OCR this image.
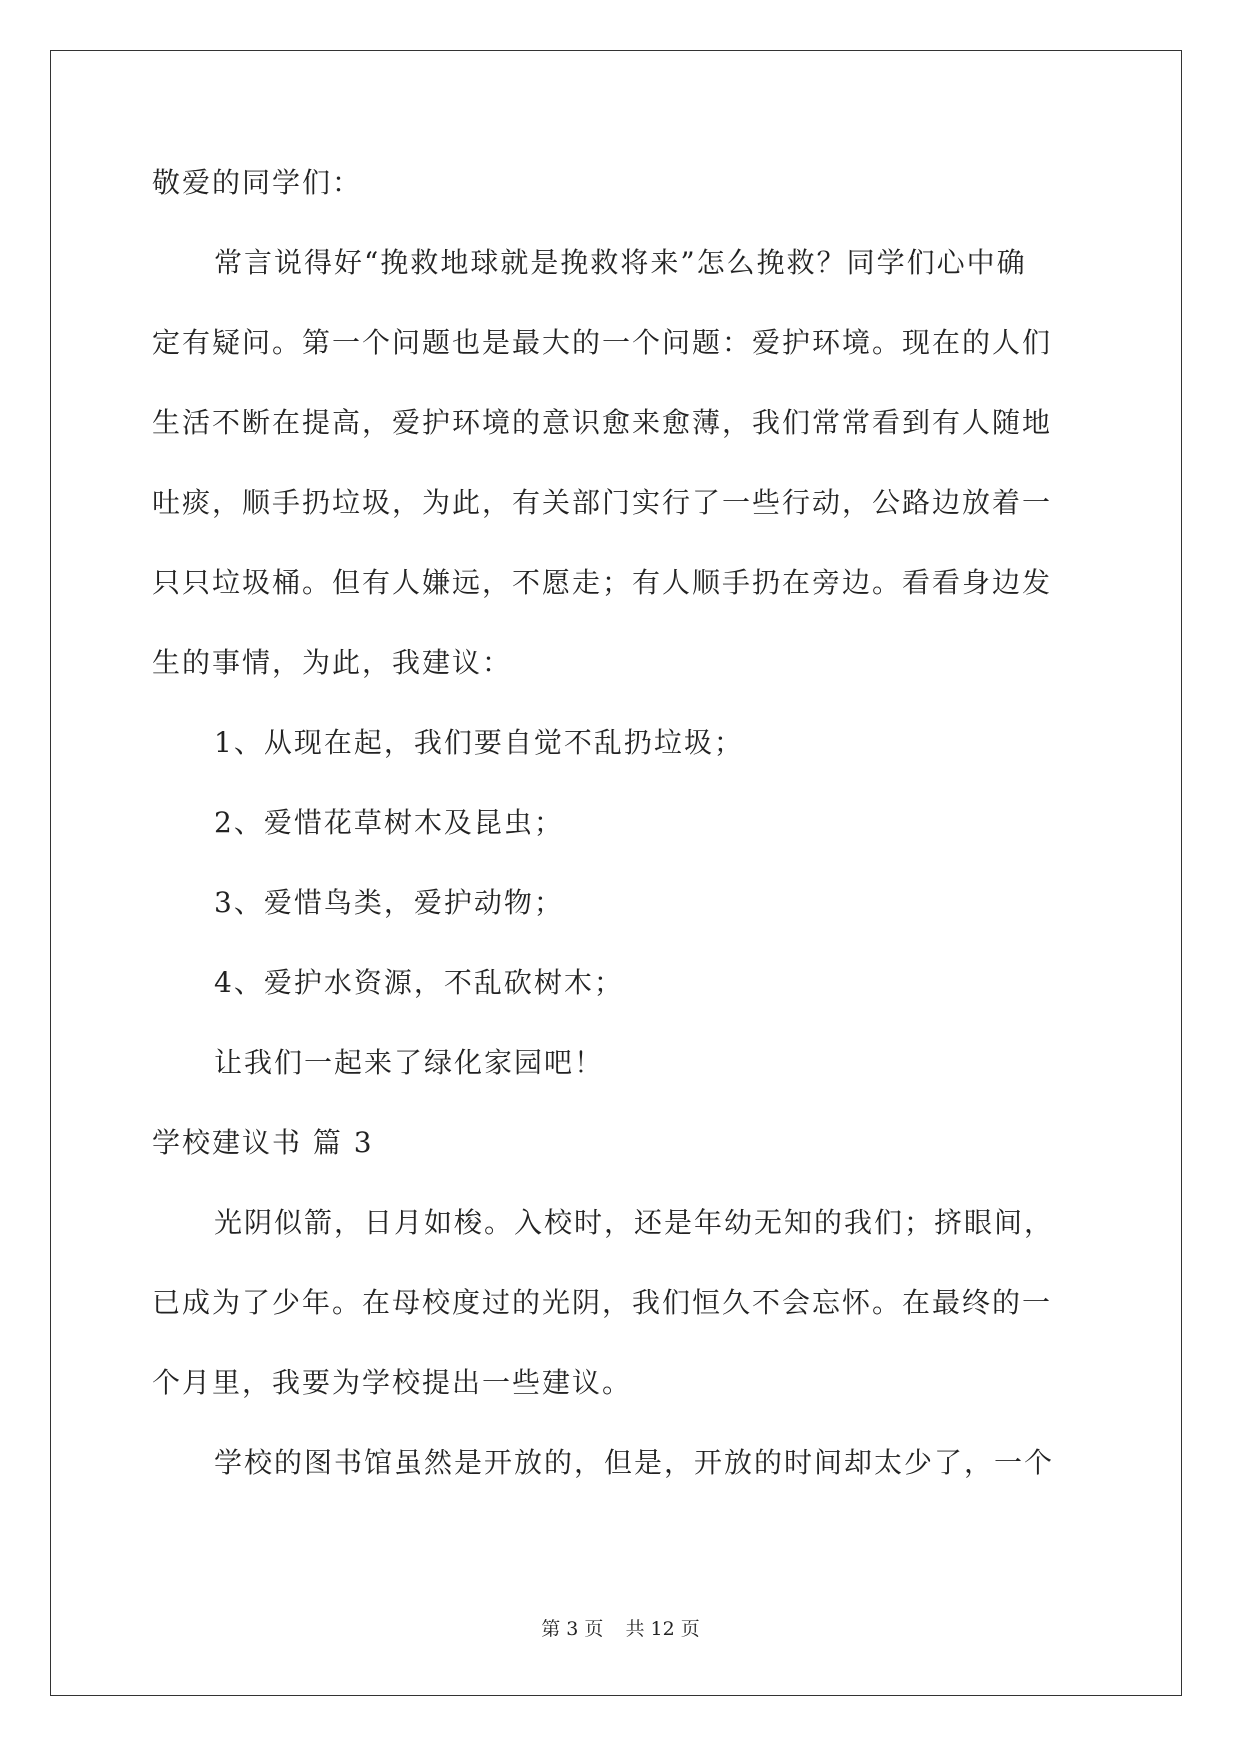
敬爱的同学们：
常言说得好“挽救地球就是挽救将来”怎么挽救？同学们心中确
定有疑问。第一个问题也是最大的一个问题：爱护环境。现在的人们
生活不断在提高，爱护环境的意识愈来愈薄，我们常常看到有人随地
吐痰，顺手扔垃圾，为此，有关部门实行了一些行动，公路边放着一
只只垃圾桶。但有人嫌远，不愿走；有人顺手扔在旁边。看看身边发
生的事情，为此，我建议：
1、从现在起，我们要自觉不乱扔垃圾；
2、爱惜花草树木及昆虫；
3、爱惜鸟类，爱护动物；
4、爱护水资源，不乱砍树木；
让我们一起来了绿化家园吧！
学校建议书 篇 3
光阴似箭，日月如梭。入校时，还是年幼无知的我们；挤眼间，
已成为了少年。在母校度过的光阴，我们恒久不会忘怀。在最终的一
个月里，我要为学校提出一些建议。
学校的图书馆虽然是开放的，但是，开放的时间却太少了，一个
第 3 页 共 12 页
